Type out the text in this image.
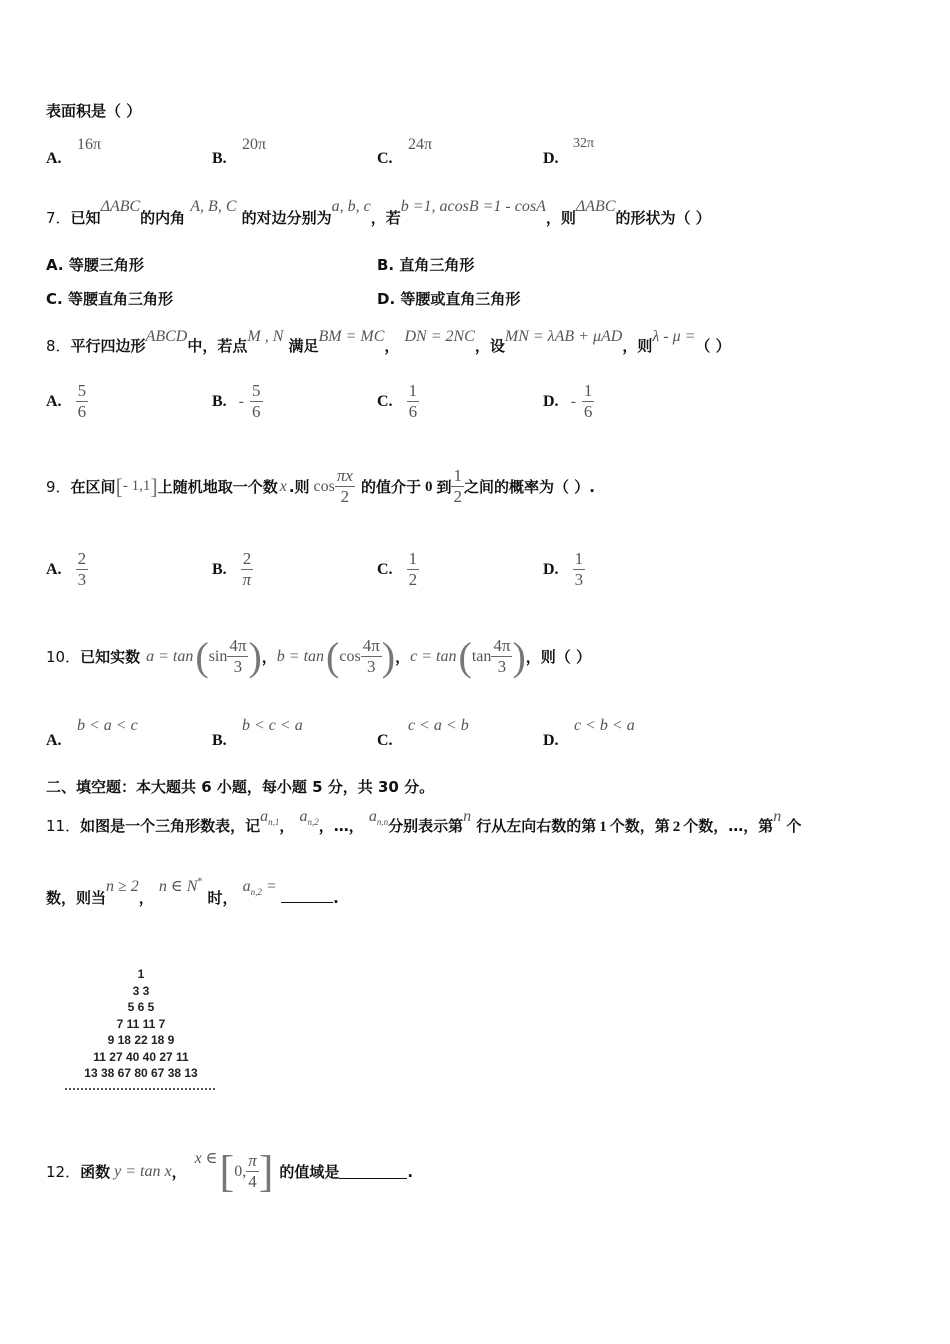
表面积是（ ）
A.
16π
B.
20π
C.
24π
D.
32π
7．已知ΔABC的内角 A, B, C 的对边分别为a, b, c，若b =1, acosB =1 - cosA，则ΔABC的形状为（ ）
A. 等腰三角形	B. 直角三角形
C. 等腰直角三角形	D. 等腰或直角三角形
8．平行四边形ABCD中，若点M , N 满足BM = MC， DN = 2NC，设MN = λAB + μAD，则λ - μ =（ ）
A. $\frac{5}{6}$	B. - $\frac{5}{6}$	C. $\frac{1}{6}$	D. - $\frac{1}{6}$
9． 在区间 [ - 1,1 ] 上随机地取一个数 x .则 $\cos \frac{\pi x}{2}$ 的值介于 0 到 $\frac{1}{2}$ 之间的概率为（ ）.
A. $\frac{2}{3}$	B. $\frac{2}{\pi}$	C. $\frac{1}{2}$	D. $\frac{1}{3}$
10． 已知实数 a = tan ( $\sin \frac{4\pi}{3}$ ) ， b = tan ( $\cos \frac{4\pi}{3}$ ) ， c = tan ( $\tan \frac{4\pi}{3}$ ) ，则（ ）
A.
b < a < c
B.
b < c < a
C.
c < a < b
D.
c < b < a
二、填空题：本大题共 6 小题，每小题 5 分，共 30 分。
11．如图是一个三角形数表，记$a_{n,1}$， $a_{n,2}$，…， $a_{n,n}$分别表示第n 行从左向右数的第 1 个数，第 2 个数，…，第n 个
数，则当n ≥ 2， n ∈ N* 时， $a_{n,2}$ = .
1
3 3
5 6 5
7 11 11 7
9 18 22 18 9
11 27 40 40 27 11
13 38 67 80 67 38 13
12． 函数 y = tan x ，
x ∈ [ 0, $\frac{\pi}{4}$ ] 的值域是	.
